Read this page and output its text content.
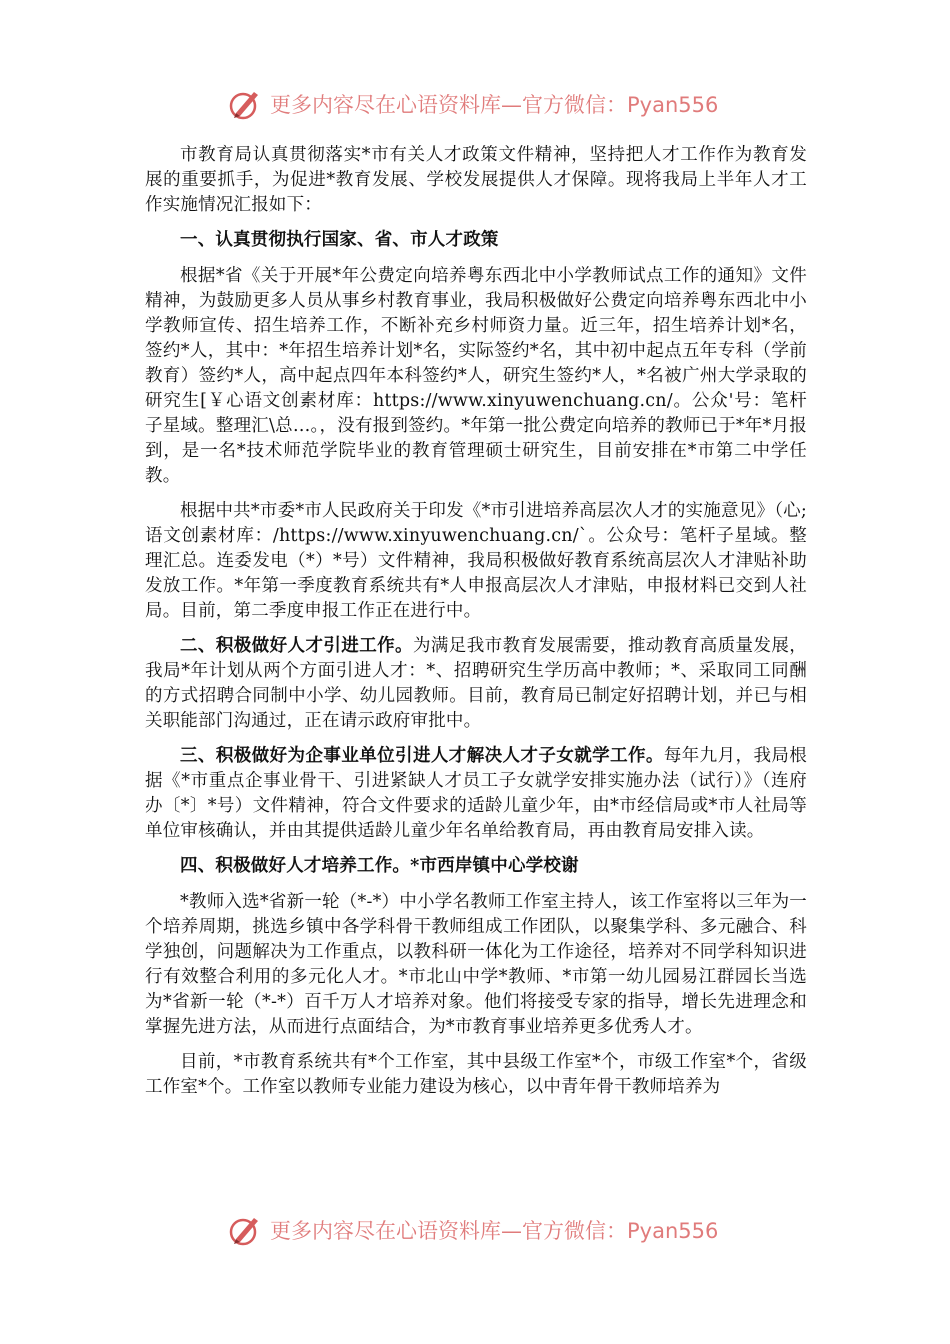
更多内容尽在心语资料库—官方微信：Pyan556

市教育局认真贯彻落实*市有关人才政策文件精神，坚持把人才工作作为教育发展的重要抓手，为促进*教育发展、学校发展提供人才保障。现将我局上半年人才工作实施情况汇报如下：

一、认真贯彻执行国家、省、市人才政策

根据*省《关于开展*年公费定向培养粤东西北中小学教师试点工作的通知》文件精神，为鼓励更多人员从事乡村教育事业，我局积极做好公费定向培养粤东西北中小学教师宣传、招生培养工作，不断补充乡村师资力量。近三年，招生培养计划*名，签约*人，其中：*年招生培养计划*名，实际签约*名，其中初中起点五年专科（学前教育）签约*人，高中起点四年本科签约*人，研究生签约*人，*名被广州大学录取的研究生[￥心语文创素材库：https://www.xinyuwenchuang.cn/。公众'号：笔杆子星域。整理汇\总…。，没有报到签约。*年第一批公费定向培养的教师已于*年*月报到，是一名*技术师范学院毕业的教育管理硕士研究生，目前安排在*市第二中学任教。

根据中共*市委*市人民政府关于印发《*市引进培养高层次人才的实施意见》（心;语文创素材库：/https://www.xinyuwenchuang.cn/`。公众号：笔杆子星域。整理汇总。连委发电（*）*号）文件精神，我局积极做好教育系统高层次人才津贴补助发放工作。*年第一季度教育系统共有*人申报高层次人才津贴，申报材料已交到人社局。目前，第二季度申报工作正在进行中。

二、积极做好人才引进工作。为满足我市教育发展需要，推动教育高质量发展，我局*年计划从两个方面引进人才：*、招聘研究生学历高中教师；*、采取同工同酬的方式招聘合同制中小学、幼儿园教师。目前，教育局已制定好招聘计划，并已与相关职能部门沟通过，正在请示政府审批中。

三、积极做好为企事业单位引进人才解决人才子女就学工作。每年九月，我局根据《*市重点企事业骨干、引进紧缺人才员工子女就学安排实施办法（试行）》（连府办〔*〕*号）文件精神，符合文件要求的适龄儿童少年，由*市经信局或*市人社局等单位审核确认，并由其提供适龄儿童少年名单给教育局，再由教育局安排入读。

四、积极做好人才培养工作。*市西岸镇中心学校谢

*教师入选*省新一轮（*-*）中小学名教师工作室主持人，该工作室将以三年为一个培养周期，挑选乡镇中各学科骨干教师组成工作团队，以聚集学科、多元融合、科学独创，问题解决为工作重点，以教科研一体化为工作途径，培养对不同学科知识进行有效整合利用的多元化人才。*市北山中学*教师、*市第一幼儿园易江群园长当选为*省新一轮（*-*）百千万人才培养对象。他们将接受专家的指导，增长先进理念和掌握先进方法，从而进行点面结合，为*市教育事业培养更多优秀人才。

目前，*市教育系统共有*个工作室，其中县级工作室*个，市级工作室*个，省级工作室*个。工作室以教师专业能力建设为核心，以中青年骨干教师培养为

更多内容尽在心语资料库—官方微信：Pyan556
